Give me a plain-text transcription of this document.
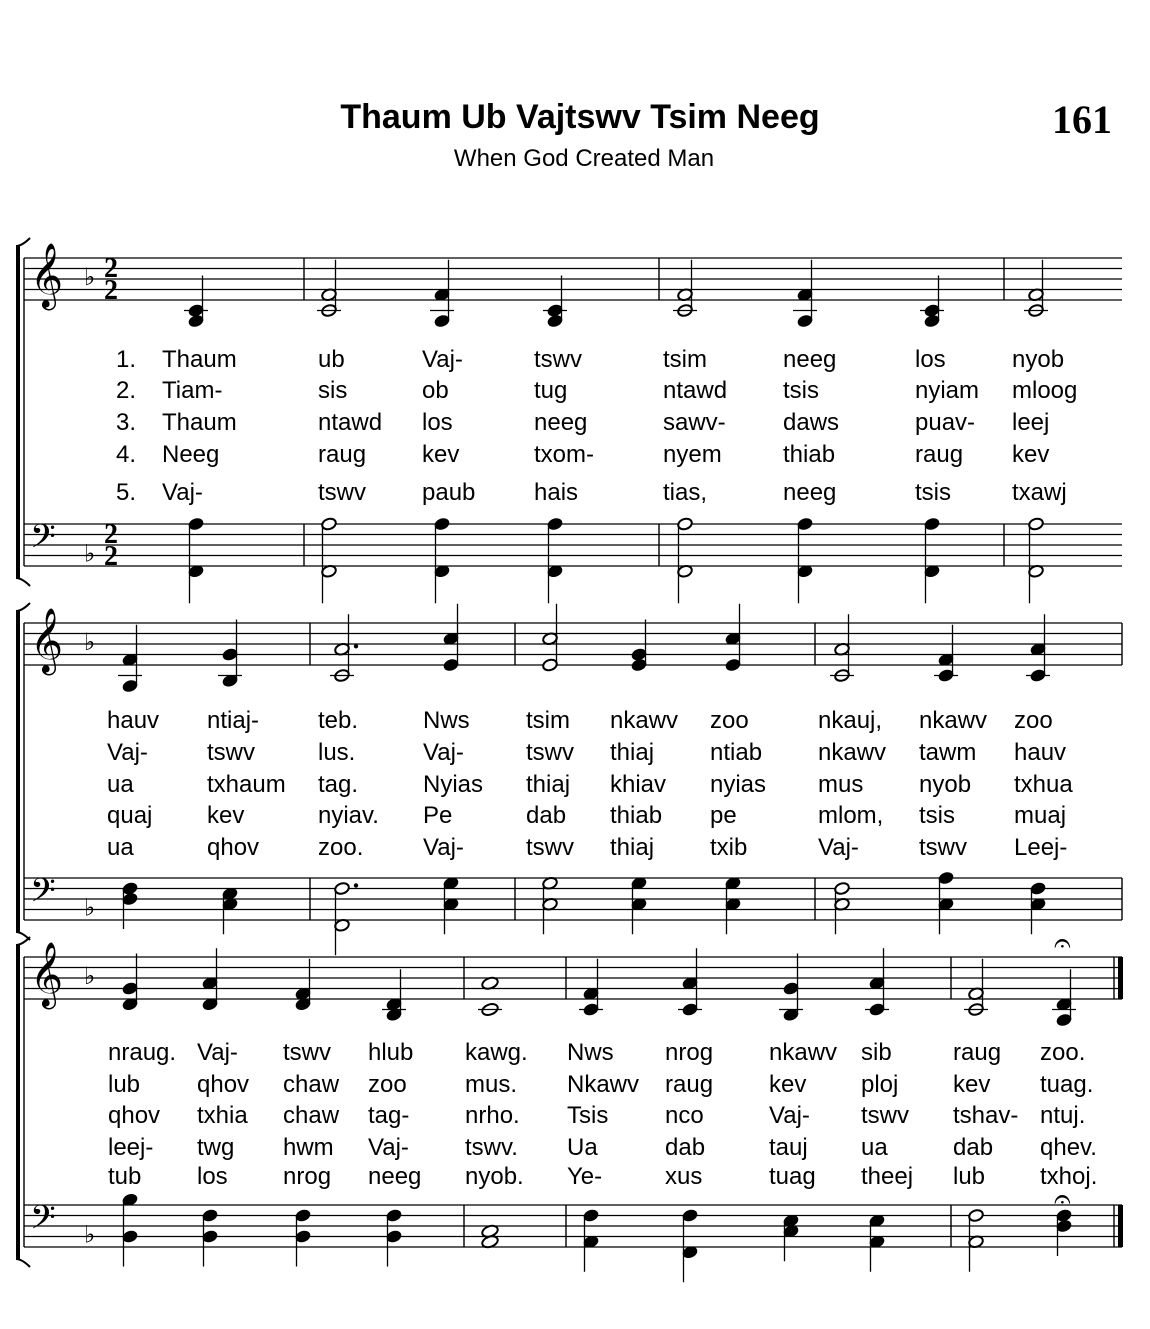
Thaum Ub Vajtswv Tsim Neeg
When God Created Man
161
𝄞 ♭ 2
2
𝄢 ♭
2
2
𝄞 ♭
𝄢 ♭
𝄞 ♭
𝄢 ♭
𝄐
𝄐
1. Thaum	ub	Vaj-	tswv	tsim	neeg	los	nyob
2. Tiam-	sis	ob	tug	ntawd tsis	nyiam mloog
3. Thaum	ntawd los	neeg	sawv- daws	puav- leej
4. Neeg	raug kev	txom-	nyem	thiab	raug kev
5. Vaj-	tswv paub hais	tias,	neeg	tsis	txawj
hauv ntiaj- teb.	Nws tsim nkawv zoo	nkauj, nkawv zoo
Vaj- tswv	lus.	Vaj-	tswv thiaj ntiab nkawv tawm hauv
ua	txhaum tag.	Nyias thiaj khiav nyias mus nyob txhua
quaj kev	nyiav. Pe	dab thiab pe	mlom, tsis muaj
ua	qhov zoo. Vaj-	tswv thiaj txib	Vaj-	tswv Leej-
nraug. Vaj- tswv hlub kawg. Nws nrog nkawv sib	raug zoo.
lub qhov chaw zoo mus. Nkawv raug kev ploj kev tuag.
qhov txhia chaw tag- nrho. Tsis nco	Vaj- tswv tshav- ntuj.
leej- twg hwm Vaj- tswv. Ua	dab	tauj ua	dab qhev.
tub los nrog neeg nyob. Ye-	xus	tuag theej lub txhoj.
